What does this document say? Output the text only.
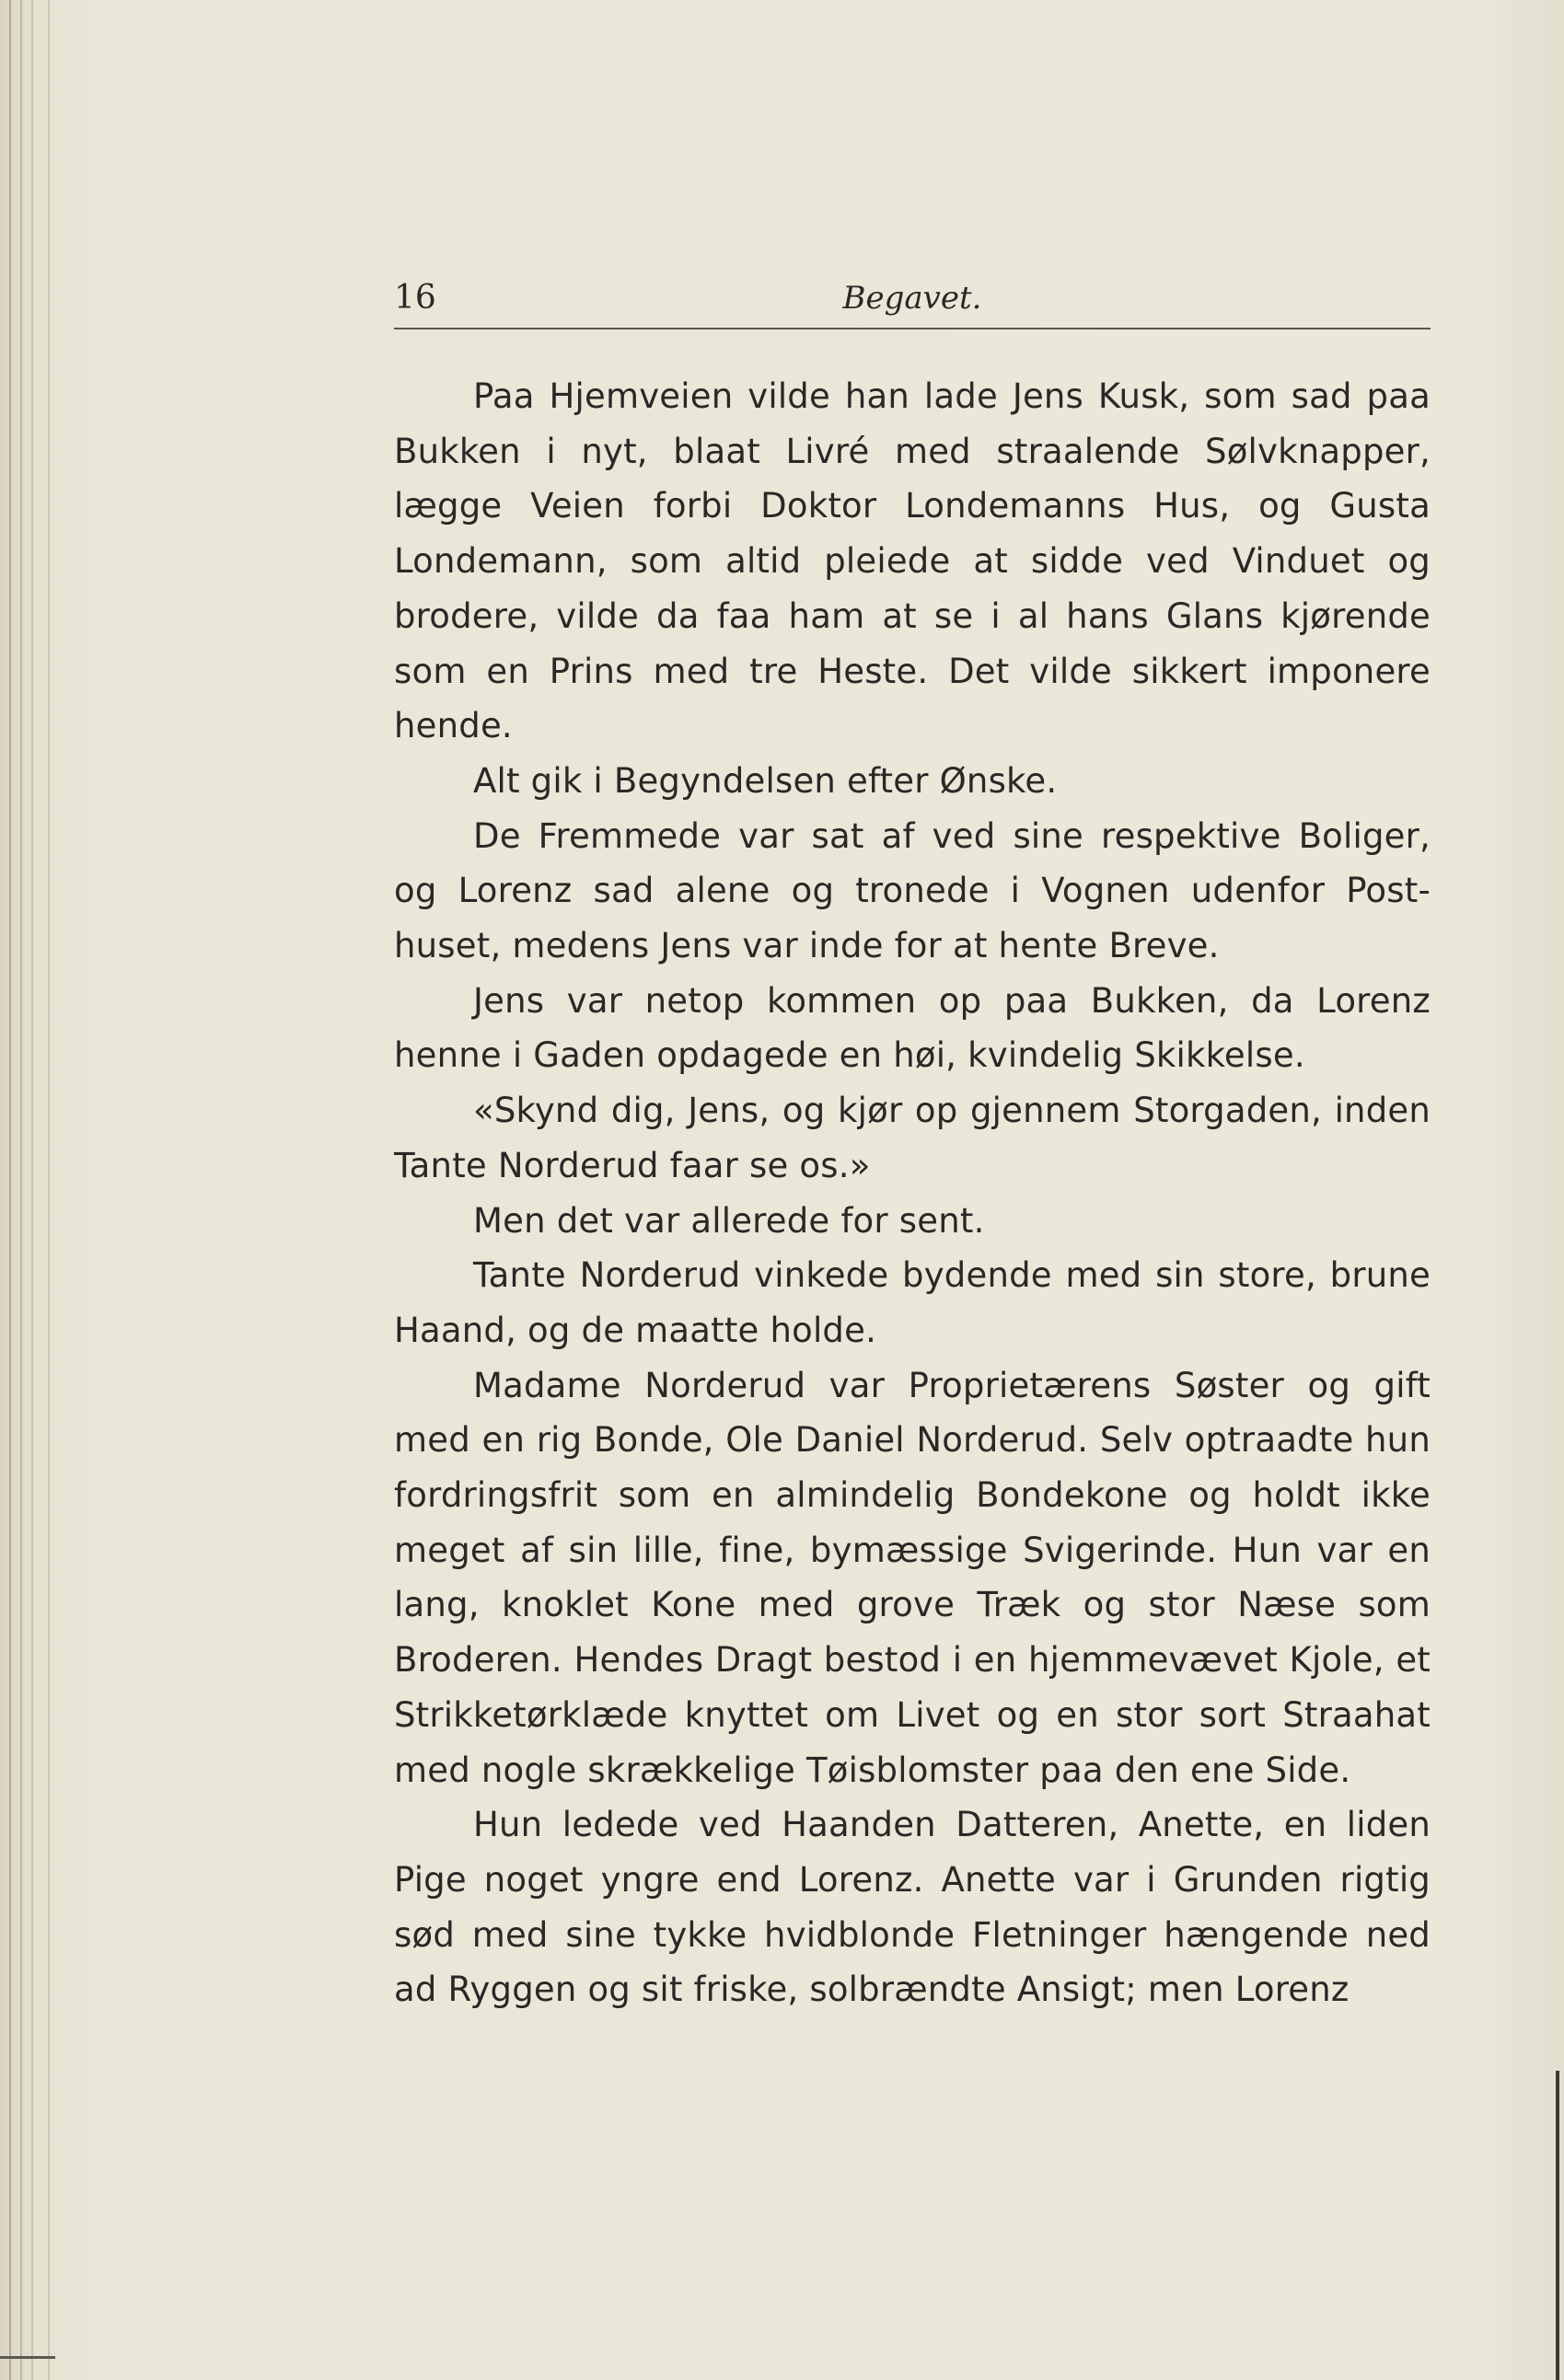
16	Begavet.

Paa Hjemveien vilde han lade Jens Kusk, som sad paa Bukken i nyt, blaat Livré med straalende Sølvknapper, lægge Veien forbi Doktor Londemanns Hus, og Gusta Londemann, som altid pleiede at sidde ved Vinduet og brodere, vilde da faa ham at se i al hans Glans kjørende som en Prins med tre Heste. Det vilde sikkert imponere hende.

Alt gik i Begyndelsen efter Ønske.

De Fremmede var sat af ved sine respektive Boliger, og Lorenz sad alene og tronede i Vognen udenfor Post-huset, medens Jens var inde for at hente Breve.

Jens var netop kommen op paa Bukken, da Lorenz henne i Gaden opdagede en høi, kvindelig Skikkelse.

«Skynd dig, Jens, og kjør op gjennem Storgaden, inden Tante Norderud faar se os.»

Men det var allerede for sent.

Tante Norderud vinkede bydende med sin store, brune Haand, og de maatte holde.

Madame Norderud var Proprietærens Søster og gift med en rig Bonde, Ole Daniel Norderud. Selv optraadte hun fordringsfrit som en almindelig Bondekone og holdt ikke meget af sin lille, fine, bymæssige Svigerinde. Hun var en lang, knoklet Kone med grove Træk og stor Næse som Broderen. Hendes Dragt bestod i en hjemmevævet Kjole, et Strikketørklæde knyttet om Livet og en stor sort Straahat med nogle skrækkelige Tøisblomster paa den ene Side.

Hun ledede ved Haanden Datteren, Anette, en liden Pige noget yngre end Lorenz. Anette var i Grunden rigtig sød med sine tykke hvidblonde Fletninger hængende ned ad Ryggen og sit friske, solbrændte Ansigt; men Lorenz
